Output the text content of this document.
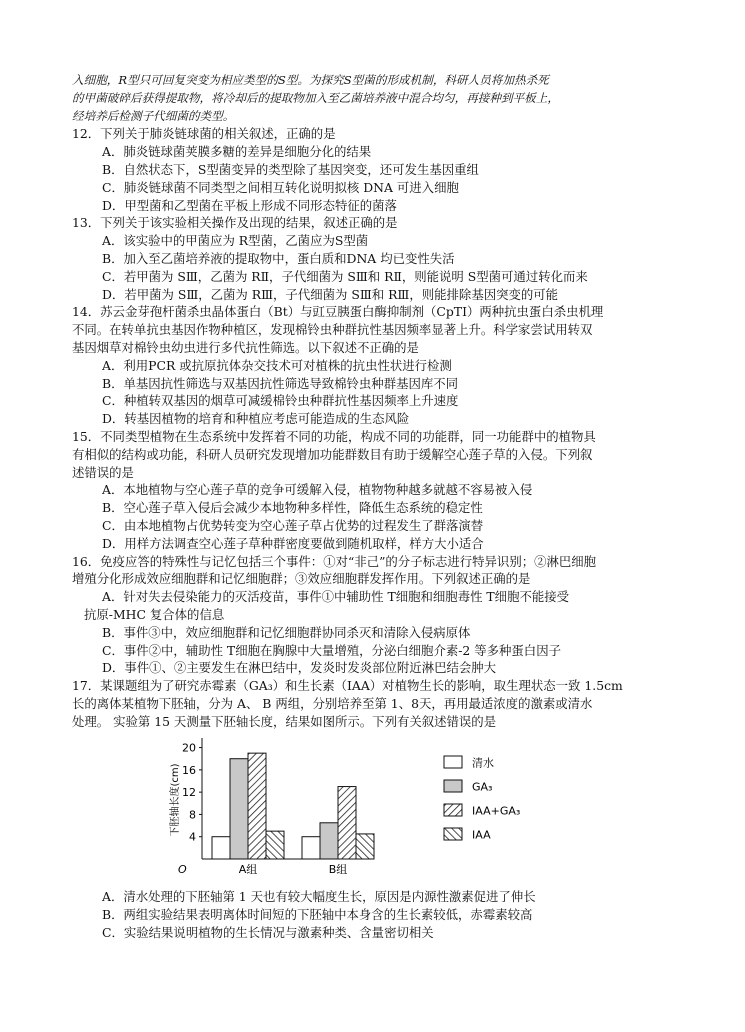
入细胞，R型只可回复突变为相应类型的S型。为探究S型菌的形成机制，科研人员将加热杀死
的甲菌破碎后获得提取物，将冷却后的提取物加入至乙菌培养液中混合均匀，再接种到平板上，
经培养后检测子代细菌的类型。
12．下列关于肺炎链球菌的相关叙述，正确的是
A．肺炎链球菌荚膜多糖的差异是细胞分化的结果
B．自然状态下，S型菌变异的类型除了基因突变，还可发生基因重组
C．肺炎链球菌不同类型之间相互转化说明拟核 DNA 可进入细胞
D．甲型菌和乙型菌在平板上形成不同形态特征的菌落
13．下列关于该实验相关操作及出现的结果，叙述正确的是
A．该实验中的甲菌应为 R型菌，乙菌应为S型菌
B．加入至乙菌培养液的提取物中，蛋白质和DNA 均已变性失活
C．若甲菌为 SⅢ，乙菌为 RⅡ，子代细菌为 SⅢ和 RⅡ，则能说明 S型菌可通过转化而来
D．若甲菌为 SⅢ，乙菌为 RⅢ，子代细菌为 SⅢ和 RⅢ，则能排除基因突变的可能
14．苏云金芽孢杆菌杀虫晶体蛋白（Bt）与豇豆胰蛋白酶抑制剂（CpTⅠ）两种抗虫蛋白杀虫机理
不同。在转单抗虫基因作物种植区，发现棉铃虫种群抗性基因频率显著上升。科学家尝试用转双
基因烟草对棉铃虫幼虫进行多代抗性筛选。以下叙述不正确的是
A．利用PCR 或抗原抗体杂交技术可对植株的抗虫性状进行检测
B．单基因抗性筛选与双基因抗性筛选导致棉铃虫种群基因库不同
C．种植转双基因的烟草可减缓棉铃虫种群抗性基因频率上升速度
D．转基因植物的培育和种植应考虑可能造成的生态风险
15．不同类型植物在生态系统中发挥着不同的功能，构成不同的功能群，同一功能群中的植物具
有相似的结构或功能，科研人员研究发现增加功能群数目有助于缓解空心莲子草的入侵。下列叙
述错误的是
A．本地植物与空心莲子草的竞争可缓解入侵，植物物种越多就越不容易被入侵
B．空心莲子草入侵后会减少本地物种多样性，降低生态系统的稳定性
C．由本地植物占优势转变为空心莲子草占优势的过程发生了群落演替
D．用样方法调查空心莲子草种群密度要做到随机取样，样方大小适合
16．免疫应答的特殊性与记忆包括三个事件：①对“非己”的分子标志进行特异识别；②淋巴细胞
增殖分化形成效应细胞群和记忆细胞群；③效应细胞群发挥作用。下列叙述正确的是
A．针对失去侵染能力的灭活疫苗，事件①中辅助性 T细胞和细胞毒性 T细胞不能接受
抗原-MHC 复合体的信息
B．事件③中，效应细胞群和记忆细胞群协同杀灭和清除入侵病原体
C．事件②中，辅助性 T细胞在胸腺中大量增殖，分泌白细胞介素-2 等多种蛋白因子
D．事件①、②主要发生在淋巴结中，发炎时发炎部位附近淋巴结会肿大
17．某课题组为了研究赤霉素（GA₃）和生长素（IAA）对植物生长的影响，取生理状态一致 1.5cm
长的离体某植物下胚轴，分为 A、 B 两组，分别培养至第 1、8天，再用最适浓度的激素或清水
处理。 实验第 15 天测量下胚轴长度，结果如图所示。下列有关叙述错误的是
下胚轴长度(cm)
4
8
12
16
20
O	A组	B组
清水
GA₃
IAA+GA₃
IAA
A．清水处理的下胚轴第 1 天也有较大幅度生长，原因是内源性激素促进了伸长
B．两组实验结果表明离体时间短的下胚轴中本身含的生长素较低，赤霉素较高
C．实验结果说明植物的生长情况与激素种类、含量密切相关
